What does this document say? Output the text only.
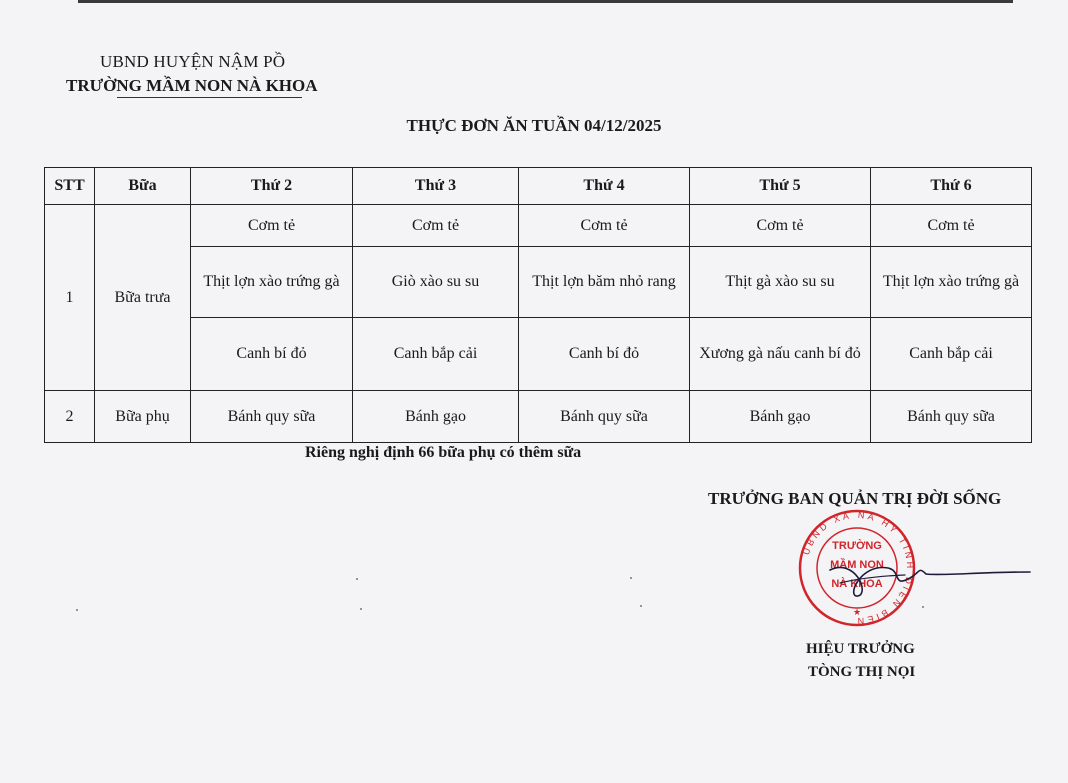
UBND HUYỆN NẬM PỒ
TRƯỜNG MẦM NON NÀ KHOA
THỰC ĐƠN ĂN TUẦN 04/12/2025
STT	Bữa	Thứ 2	Thứ 3	Thứ 4	Thứ 5	Thứ 6
1	Bữa trưa	Cơm tẻ	Cơm tẻ	Cơm tẻ	Cơm tẻ	Cơm tẻ
		Thịt lợn xào trứng gà	Giò xào su su	Thịt lợn băm nhỏ rang	Thịt gà xào su su	Thịt lợn xào trứng gà
		Canh bí đỏ	Canh bắp cải	Canh bí đỏ	Xương gà nấu canh bí đỏ	Canh bắp cải
2	Bữa phụ	Bánh quy sữa	Bánh gạo	Bánh quy sữa	Bánh gạo	Bánh quy sữa
Riêng nghị định 66 bữa phụ có thêm sữa
TRƯỞNG BAN QUẢN TRỊ ĐỜI SỐNG
UBND XÃ NÀ HỲ TỈNH ĐIỆN BIÊN
TRƯỜNG
MẦM NON
NÀ KHOA
★
HIỆU TRƯỞNG
TÒNG THỊ NỌI
